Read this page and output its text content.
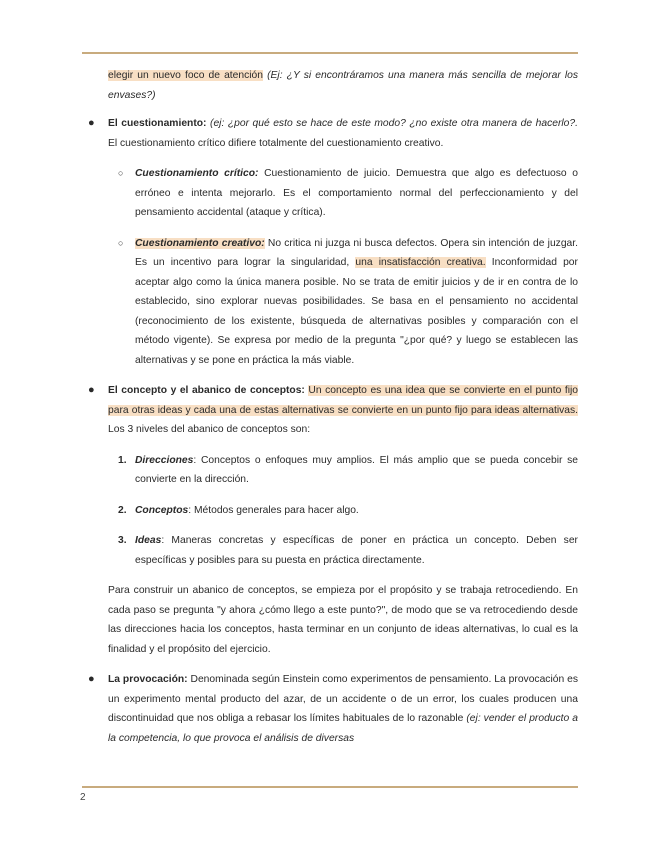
elegir un nuevo foco de atención (Ej: ¿Y si encontráramos una manera más sencilla de mejorar los envases?)

● El cuestionamiento: (ej: ¿por qué esto se hace de este modo? ¿no existe otra manera de hacerlo?. El cuestionamiento crítico difiere totalmente del cuestionamiento creativo.

○ Cuestionamiento crítico: Cuestionamiento de juicio. Demuestra que algo es defectuoso o erróneo e intenta mejorarlo. Es el comportamiento normal del perfeccionamiento y del pensamiento accidental (ataque y crítica).

○ Cuestionamiento creativo: No critica ni juzga ni busca defectos. Opera sin intención de juzgar. Es un incentivo para lograr la singularidad, una insatisfacción creativa. Inconformidad por aceptar algo como la única manera posible. No se trata de emitir juicios y de ir en contra de lo establecido, sino explorar nuevas posibilidades. Se basa en el pensamiento no accidental (reconocimiento de los existente, búsqueda de alternativas posibles y comparación con el método vigente). Se expresa por medio de la pregunta "¿por qué? y luego se establecen las alternativas y se pone en práctica la más viable.

● El concepto y el abanico de conceptos: Un concepto es una idea que se convierte en el punto fijo para otras ideas y cada una de estas alternativas se convierte en un punto fijo para ideas alternativas. Los 3 niveles del abanico de conceptos son:

1. Direcciones: Conceptos o enfoques muy amplios. El más amplio que se pueda concebir se convierte en la dirección.

2. Conceptos: Métodos generales para hacer algo.

3. Ideas: Maneras concretas y específicas de poner en práctica un concepto. Deben ser específicas y posibles para su puesta en práctica directamente.

Para construir un abanico de conceptos, se empieza por el propósito y se trabaja retrocediendo. En cada paso se pregunta "y ahora ¿cómo llego a este punto?", de modo que se va retrocediendo desde las direcciones hacia los conceptos, hasta terminar en un conjunto de ideas alternativas, lo cual es la finalidad y el propósito del ejercicio.

● La provocación: Denominada según Einstein como experimentos de pensamiento. La provocación es un experimento mental producto del azar, de un accidente o de un error, los cuales producen una discontinuidad que nos obliga a rebasar los límites habituales de lo razonable (ej: vender el producto a la competencia, lo que provoca el análisis de diversas

2
